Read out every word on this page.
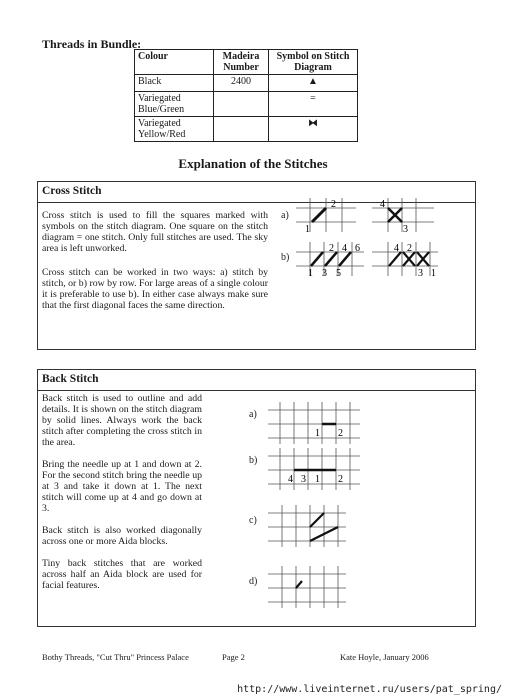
Threads in Bundle:
Colour	Madeira Number	Symbol on Stitch Diagram
Black	2400	▲
Variegated Blue/Green		=
Variegated Yellow/Red		⧓
Explanation of the Stitches
Cross Stitch
Cross stitch is used to fill the squares marked with symbols on the stitch diagram. One square on the stitch diagram = one stitch. Only full stitches are used. The sky area is left unworked.
Cross stitch can be worked in two ways: a) stitch by stitch, or b) row by row. For large areas of a single colour it is preferable to use b). In either case always make sure that the first diagonal faces the same direction.
a)
b)
2
1
4
3
2 4 6
1 3 5
4 2
3 1
Back Stitch
Back stitch is used to outline and add details. It is shown on the stitch diagram by solid lines. Always work the back stitch after completing the cross stitch in the area.
Bring the needle up at 1 and down at 2. For the second stitch bring the needle up at 3 and take it down at 1. The next stitch will come up at 4 and go down at 3.
Back stitch is also worked diagonally across one or more Aida blocks.
Tiny back stitches that are worked across half an Aida block are used for facial features.
a)
b)
c)
d)
1 2
4 3 1 2
Bothy Threads, "Cut Thru" Princess Palace	Page 2	Kate Hoyle, January 2006
http://www.liveinternet.ru/users/pat_spring/
